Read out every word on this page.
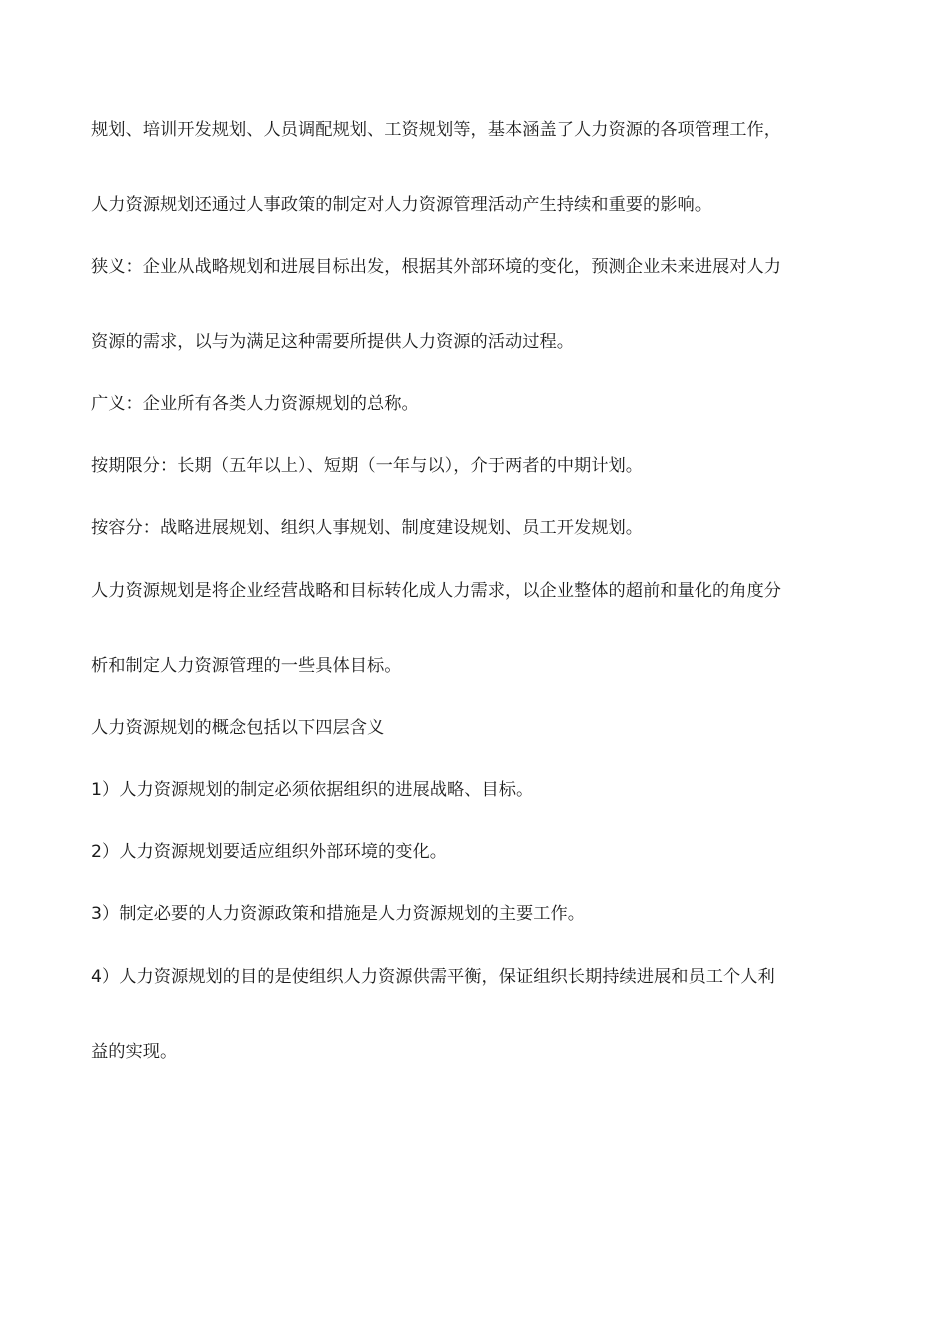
规划、培训开发规划、人员调配规划、工资规划等，基本涵盖了人力资源的各项管理工作，
人力资源规划还通过人事政策的制定对人力资源管理活动产生持续和重要的影响。
狭义：企业从战略规划和进展目标出发，根据其外部环境的变化，预测企业未来进展对人力
资源的需求，以与为满足这种需要所提供人力资源的活动过程。
广义：企业所有各类人力资源规划的总称。
按期限分：长期（五年以上）、短期（一年与以），介于两者的中期计划。
按容分：战略进展规划、组织人事规划、制度建设规划、员工开发规划。
人力资源规划是将企业经营战略和目标转化成人力需求，以企业整体的超前和量化的角度分
析和制定人力资源管理的一些具体目标。
人力资源规划的概念包括以下四层含义
1）人力资源规划的制定必须依据组织的进展战略、目标。
2）人力资源规划要适应组织外部环境的变化。
3）制定必要的人力资源政策和措施是人力资源规划的主要工作。
4）人力资源规划的目的是使组织人力资源供需平衡，保证组织长期持续进展和员工个人利
益的实现。
